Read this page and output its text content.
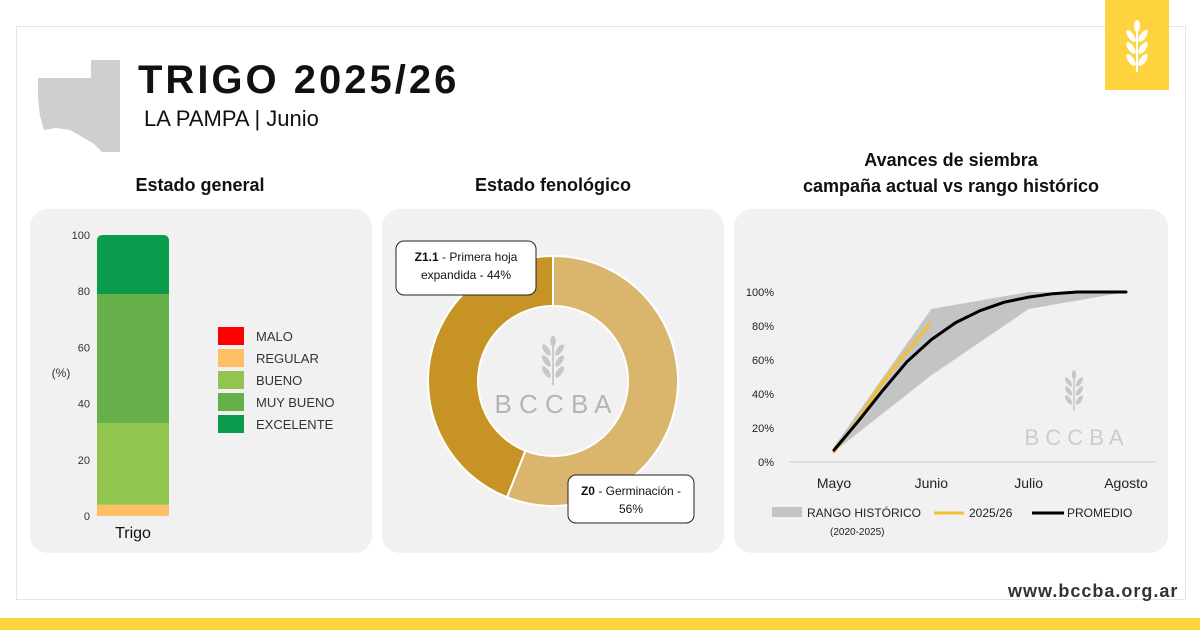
TRIGO 2025/26
LA PAMPA | Junio
Estado general	Estado fenológico
Avances de siembra
campaña actual vs rango histórico
0
20
40
60
80
100
(%)
Trigo
MALO
REGULAR
BUENO
MUY BUENO
EXCELENTE
B C C B A
Z0 - Germinación -56%
Z1.1 - Primera hoja expandida - 44%
0%
20%
40%
60%
80%
100%
Mayo	Junio	Julio	Agosto
B C C B A
RANGO HISTÓRICO
(2020-2025)
2025/26	PROMEDIO
www.bccba.org.ar
